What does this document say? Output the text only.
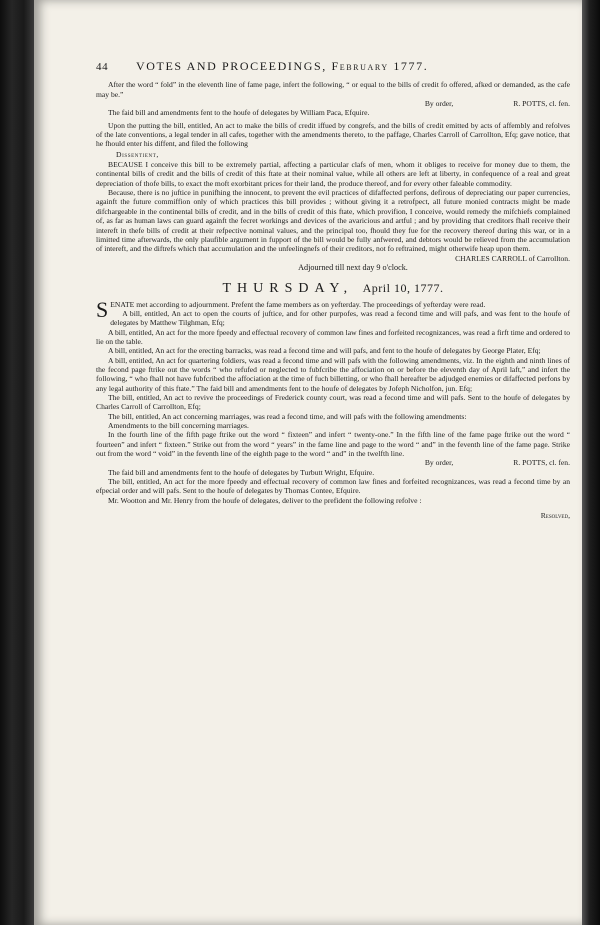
44	VOTES AND PROCEEDINGS, February 1777.

After the word “ fold” in the eleventh line of fame page, infert the following, “ or equal to the bills of credit fo offered, afked or demanded, as the cafe may be.”

By order,	R. POTTS, cl. fen.

The faid bill and amendments fent to the houfe of delegates by William Paca, Efquire.

Upon the putting the bill, entitled, An act to make the bills of credit iffued by congrefs, and the bills of credit emitted by acts of affembly and refolves of the late conventions, a legal tender in all cafes, together with the amendments thereto, to the paffage, Charles Carroll of Carrollton, Efq; gave notice, that he fhould enter his diffent, and filed the following

Dissentient,

BECAUSE I conceive this bill to be extremely partial, affecting a particular clafs of men, whom it obliges to receive for money due to them, the continental bills of credit and the bills of credit of this ftate at their nominal value, while all others are left at liberty, in confequence of a real and great depreciation of thofe bills, to exact the moft exorbitant prices for their land, the produce thereof, and for every other faleable commodity.

Because, there is no juftice in punifhing the innocent, to prevent the evil practices of difaffected perfons, defirous of depreciating our paper currencies, againft the future commiffion only of which practices this bill provides ; without giving it a retrofpect, all future monied contracts might be made difchargeable in the continental bills of credit, and in the bills of credit of this ftate, which provifion, I conceive, would remedy the mifchiefs complained of, as far as human laws can guard againft the fecret workings and devices of the avaricious and artful ; and by providing that creditors fhall receive their intereft in thefe bills of credit at their refpective nominal values, and the principal too, fhould they fue for the recovery thereof during this war, or in a limitted time afterwards, the only plaufible argument in fupport of the bill would be fully anfwered, and debtors would be relieved from the accumulation of intereft, and the diftrefs which that accumulation and the unfeelingnefs of their creditors, not fo reftrained, might otherwife heap upon them.

CHARLES CARROLL of Carrollton.

Adjourned till next day 9 o'clock.

THURSDAY, April 10, 1777.

SENATE met according to adjournment. Prefent the fame members as on yefterday. The proceedings of yefterday were read.

A bill, entitled, An act to open the courts of juftice, and for other purpofes, was read a fecond time and will pafs, and was fent to the houfe of delegates by Matthew Tilghman, Efq;

A bill, entitled, An act for the more fpeedy and effectual recovery of common law fines and forfeited recognizances, was read a firft time and ordered to lie on the table.

A bill, entitled, An act for the erecting barracks, was read a fecond time and will pafs, and fent to the houfe of delegates by George Plater, Efq;

A bill, entitled, An act for quartering foldiers, was read a fecond time and will pafs with the following amendments, viz. In the eighth and ninth lines of the fecond page ftrike out the words “ who refufed or neglected to fubfcribe the affociation on or before the eleventh day of April laft,” and infert the following, “ who fhall not have fubfcribed the affociation at the time of fuch billetting, or who fhall hereafter be adjudged enemies or difaffected perfons by any legal authority of this ftate.” The faid bill and amendments fent to the houfe of delegates by Jofeph Nicholfon, jun. Efq;

The bill, entitled, An act to revive the proceedings of Frederick county court, was read a fecond time and will pafs. Sent to the houfe of delegates by Charles Carroll of Carrollton, Efq;

The bill, entitled, An act concerning marriages, was read a fecond time, and will pafs with the following amendments:

Amendments to the bill concerning marriages.

In the fourth line of the fifth page ftrike out the word “ fixteen” and infert “ twenty-one.” In the fifth line of the fame page ftrike out the word “ fourteen” and infert “ fixteen.” Strike out from the word “ years” in the fame line and page to the word “ and” in the feventh line of the fame page. Strike out from the word “ void” in the feventh line of the eighth page to the word “ and” in the twelfth line.

By order,	R. POTTS, cl. fen.

The faid bill and amendments fent to the houfe of delegates by Turbutt Wright, Efquire.

The bill, entitled, An act for the more fpeedy and effectual recovery of common law fines and forfeited recognizances, was read a fecond time by an efpecial order and will pafs. Sent to the houfe of delegates by Thomas Contee, Efquire.

Mr. Wootton and Mr. Henry from the houfe of delegates, deliver to the prefident the following refolve :

Resolved,
